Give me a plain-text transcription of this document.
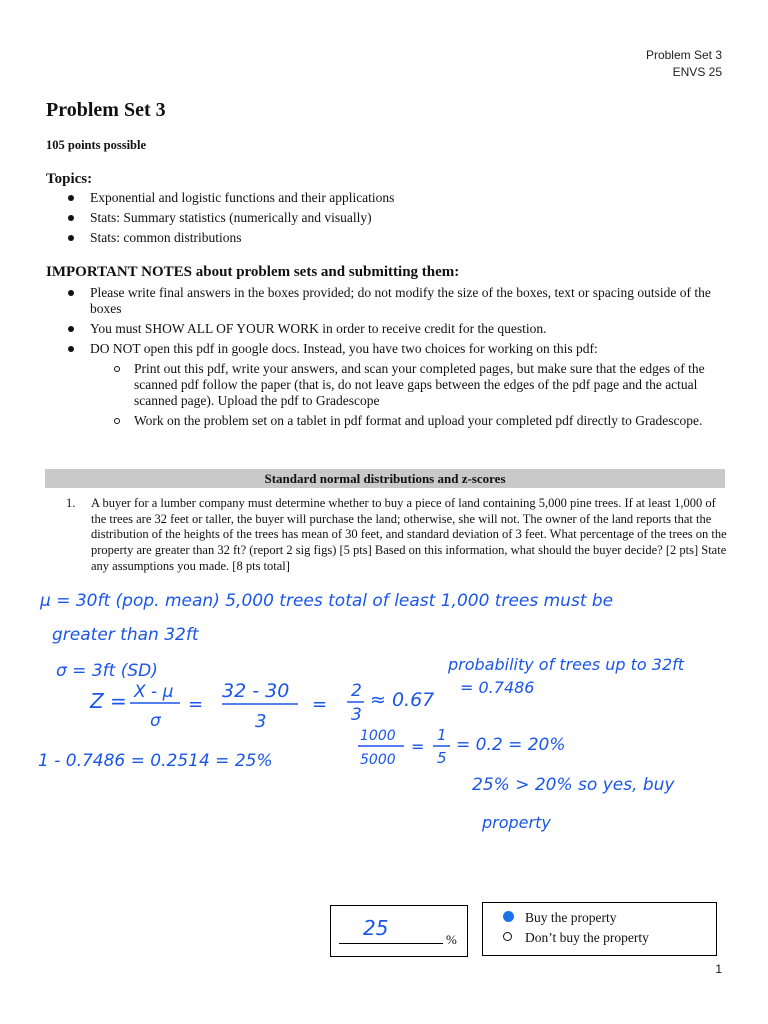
Problem Set 3
ENVS 25
Problem Set 3
105 points possible
Topics:
Exponential and logistic functions and their applications
Stats: Summary statistics (numerically and visually)
Stats: common distributions
IMPORTANT NOTES about problem sets and submitting them:
Please write final answers in the boxes provided; do not modify the size of the boxes, text or spacing outside of the boxes
You must SHOW ALL OF YOUR WORK in order to receive credit for the question.
DO NOT open this pdf in google docs. Instead, you have two choices for working on this pdf:
Print out this pdf, write your answers, and scan your completed pages, but make sure that the edges of the scanned pdf follow the paper (that is, do not leave gaps between the edges of the pdf page and the actual scanned page). Upload the pdf to Gradescope
Work on the problem set on a tablet in pdf format and upload your completed pdf directly to Gradescope.
Standard normal distributions and z-scores
1. A buyer for a lumber company must determine whether to buy a piece of land containing 5,000 pine trees. If at least 1,000 of the trees are 32 feet or taller, the buyer will purchase the land; otherwise, she will not. The owner of the land reports that the distribution of the heights of the trees has mean of 30 feet, and standard deviation of 3 feet. What percentage of the trees on the property are greater than 32 ft? (report 2 sig figs) [5 pts] Based on this information, what should the buyer decide? [2 pts] State any assumptions you made. [8 pts total]
μ = 30ft (pop. mean) 5,000 trees total of least 1,000 trees must be
greater than 32ft
σ = 3ft (SD)	probability of trees up to 32ft
= 0.7486
Z = X - μ
σ
=
32 - 30
3
=
2
3
≈ 0.67
1 - 0.7486 = 0.2514 = 25%
1000
5000
=
1
5
= 0.2 = 20%
25% > 20% so yes, buy
property
25	%
Buy the property
Don’t buy the property
1
